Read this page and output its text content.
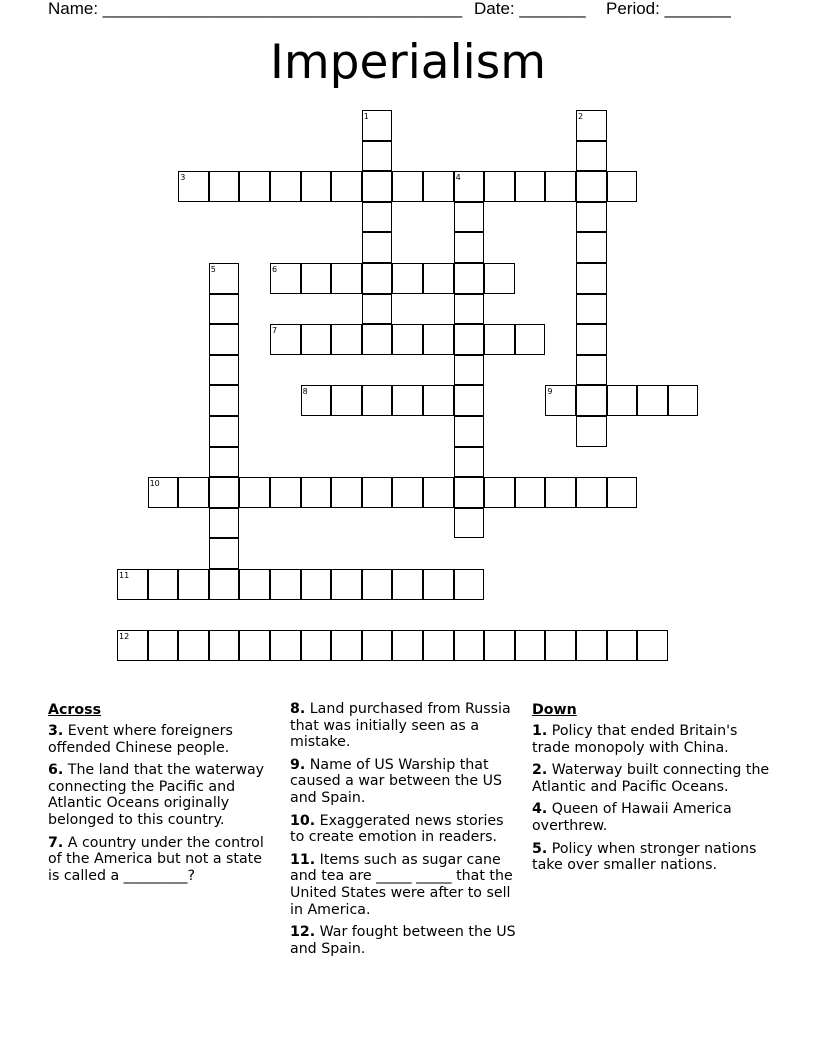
Name: ______________________________________

Date: _______

Period: _______

Imperialism
1	2
3	4
5	6
7
8	9
10
11
12
Across
3. Event where foreigners offended Chinese people.
6. The land that the waterway connecting the Pacific and Atlantic Oceans originally belonged to this country.
7. A country under the control of the America but not a state is called a _________?
8. Land purchased from Russia that was initially seen as a mistake.
9. Name of US Warship that caused a war between the US and Spain.
10. Exaggerated news stories to create emotion in readers.
11. Items such as sugar cane and tea are _____ _____ that the United States were after to sell in America.
12. War fought between the US and Spain.
Down
1. Policy that ended Britain's trade monopoly with China.
2. Waterway built connecting the Atlantic and Pacific Oceans.
4. Queen of Hawaii America overthrew.
5. Policy when stronger nations take over smaller nations.
